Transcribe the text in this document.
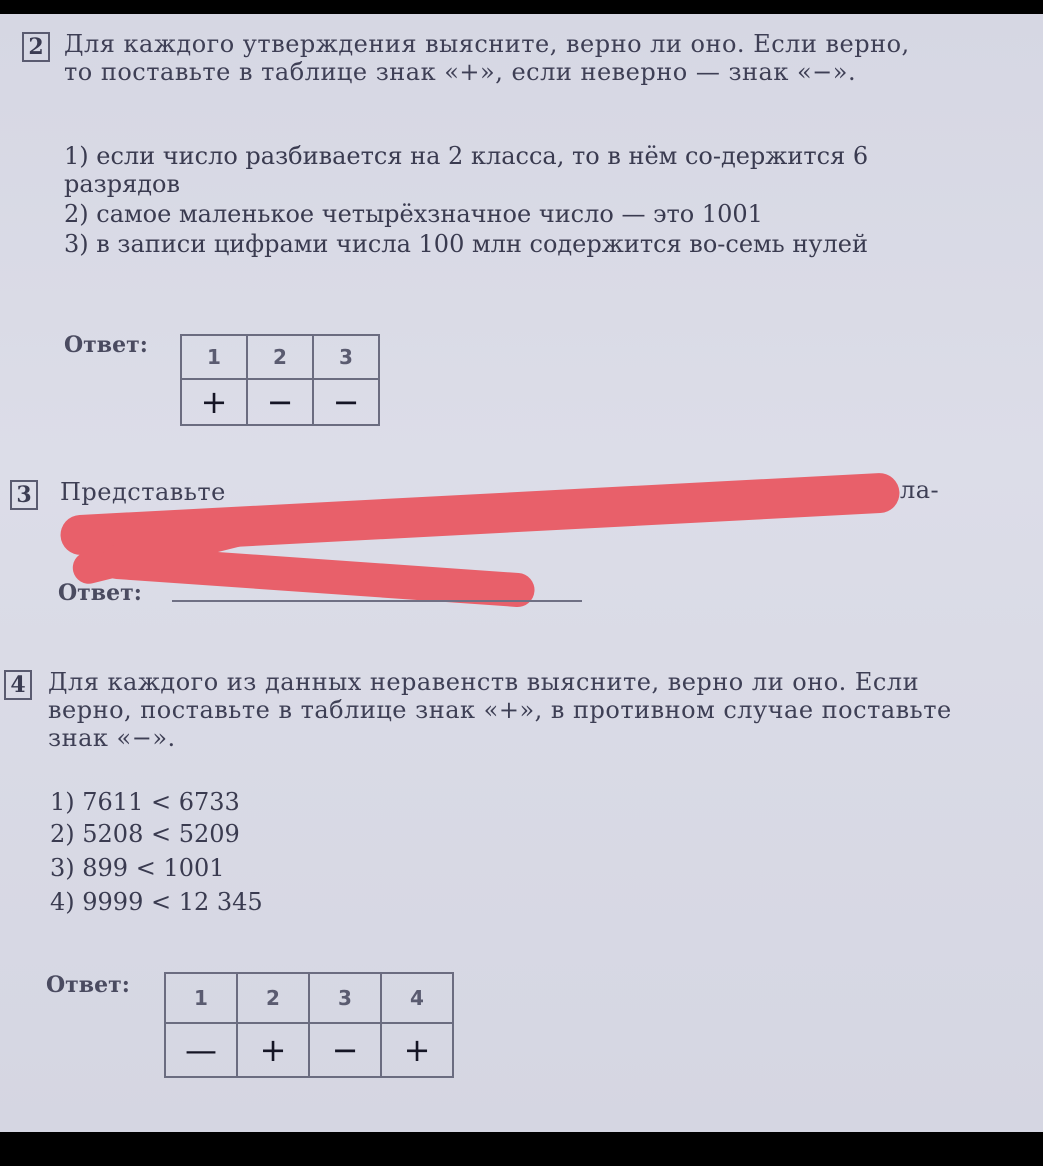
2 Для каждого утверждения выясните, верно ли оно. Если верно, то поставьте в таблице знак «+», если неверно — знак «−».
1) если число разбивается на 2 класса, то в нём со-держится 6 разрядов
2) самое маленькое четырёхзначное число — это 1001
3) в записи цифрами числа 100 млн содержится во-семь нулей
Ответ:	1	2	3
+	−	−
3 Представьте	ла-
Ответ:
4 Для каждого из данных неравенств выясните, верно ли оно. Если верно, поставьте в таблице знак «+», в противном случае поставьте знак «−».
1) 7611 < 6733
2) 5208 < 5209
3) 899 < 1001
4) 9999 < 12 345
Ответ:	1	2	3	4
—	+	−	+
